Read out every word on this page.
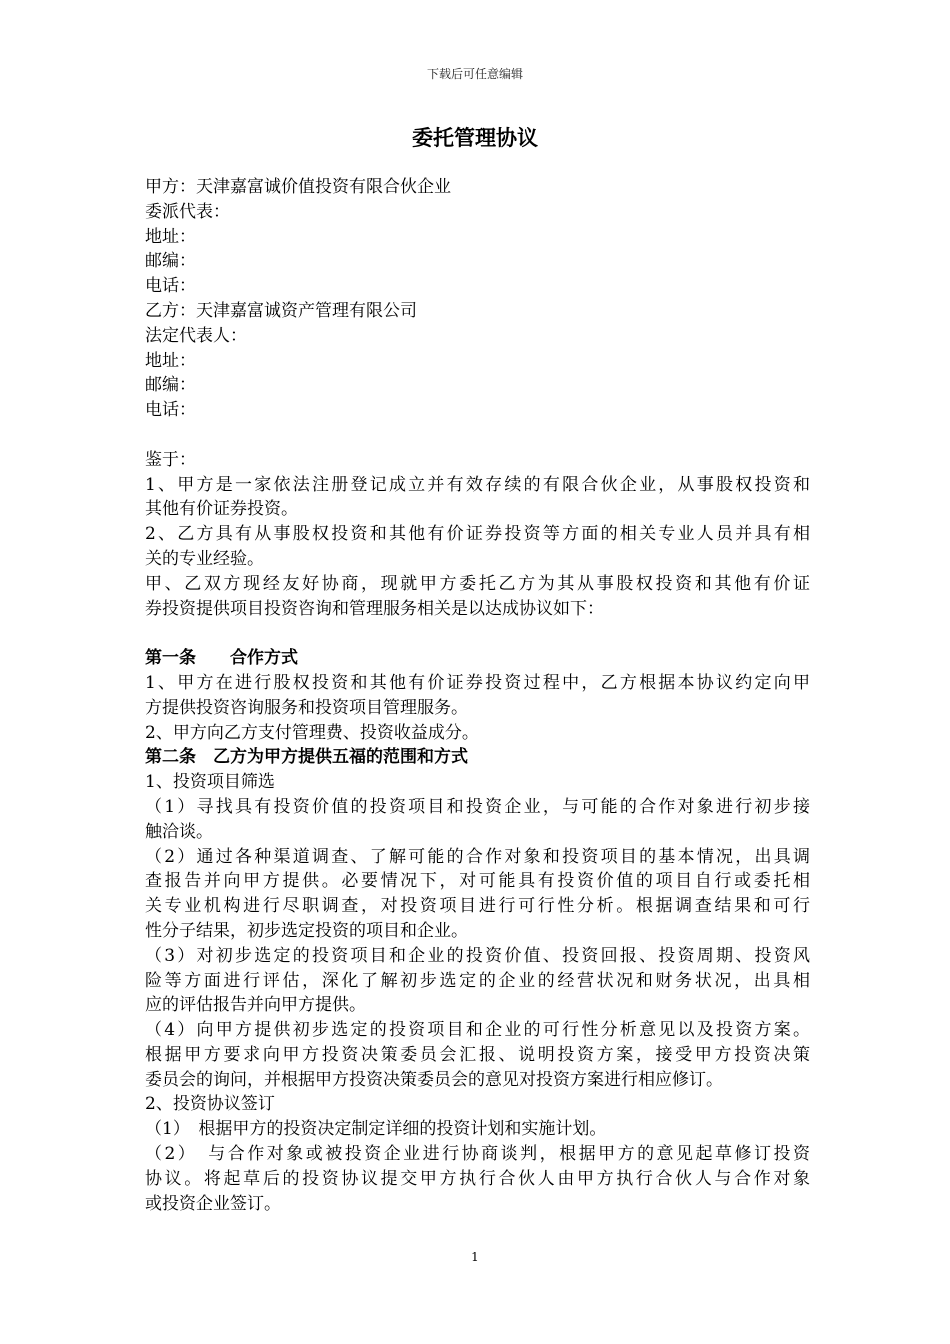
下载后可任意编辑
委托管理协议
甲方：天津嘉富诚价值投资有限合伙企业
委派代表：
地址：
邮编：
电话：
乙方：天津嘉富诚资产管理有限公司
法定代表人：
地址：
邮编：
电话：
鉴于：
1、甲方是一家依法注册登记成立并有效存续的有限合伙企业，从事股权投资和
其他有价证券投资。
2、乙方具有从事股权投资和其他有价证券投资等方面的相关专业人员并具有相
关的专业经验。
甲、乙双方现经友好协商，现就甲方委托乙方为其从事股权投资和其他有价证
券投资提供项目投资咨询和管理服务相关是以达成协议如下：
第一条　　合作方式
1、甲方在进行股权投资和其他有价证券投资过程中，乙方根据本协议约定向甲
方提供投资咨询服务和投资项目管理服务。
2、甲方向乙方支付管理费、投资收益成分。
第二条　乙方为甲方提供五福的范围和方式
1、投资项目筛选
（1）寻找具有投资价值的投资项目和投资企业，与可能的合作对象进行初步接
触洽谈。
（2）通过各种渠道调查、了解可能的合作对象和投资项目的基本情况，出具调
查报告并向甲方提供。必要情况下，对可能具有投资价值的项目自行或委托相
关专业机构进行尽职调查，对投资项目进行可行性分析。根据调查结果和可行
性分子结果，初步选定投资的项目和企业。
（3）对初步选定的投资项目和企业的投资价值、投资回报、投资周期、投资风
险等方面进行评估，深化了解初步选定的企业的经营状况和财务状况，出具相
应的评估报告并向甲方提供。
（4）向甲方提供初步选定的投资项目和企业的可行性分析意见以及投资方案。
根据甲方要求向甲方投资决策委员会汇报、说明投资方案，接受甲方投资决策
委员会的询问，并根据甲方投资决策委员会的意见对投资方案进行相应修订。
2、投资协议签订
（1）　根据甲方的投资决定制定详细的投资计划和实施计划。
（2）　与合作对象或被投资企业进行协商谈判，根据甲方的意见起草修订投资
协议。将起草后的投资协议提交甲方执行合伙人由甲方执行合伙人与合作对象
或投资企业签订。
1
